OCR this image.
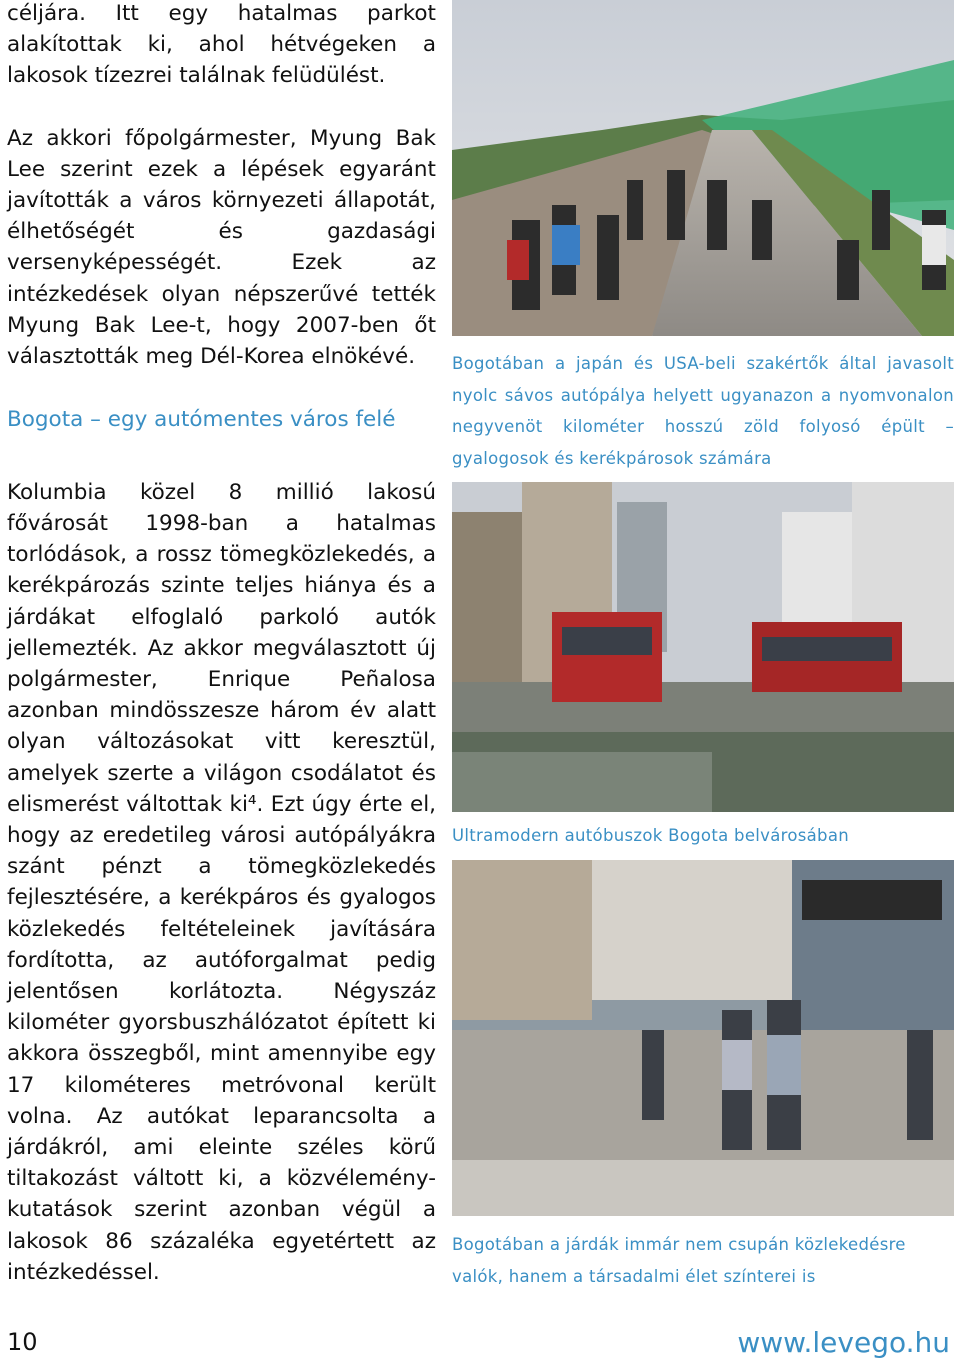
céljára. Itt egy hatalmas parkot alakítottak ki, ahol hétvégeken a lakosok tízezrei találnak felüdülést.

Az akkori főpolgármester, Myung Bak Lee szerint ezek a lépések egyaránt javították a város környezeti állapotát, élhetőségét és gazdasági versenyképességét. Ezek az intézkedések olyan népszerűvé tették Myung Bak Lee-t, hogy 2007-ben őt választották meg Dél-Korea elnökévé.

Bogota – egy autómentes város felé

Kolumbia közel 8 millió lakosú fővárosát 1998-ban a hatalmas torlódások, a rossz tömegközlekedés, a kerékpározás szinte teljes hiánya és a járdákat elfoglaló parkoló autók jellemezték. Az akkor megválasztott új polgármester, Enrique Peñalosa azonban mindösszesze három év alatt olyan változásokat vitt keresztül, amelyek szerte a világon csodálatot és elismerést váltottak ki⁴. Ezt úgy érte el, hogy az eredetileg városi autópályákra szánt pénzt a tömegközlekedés fejlesztésére, a kerékpáros és gyalogos közlekedés feltételeinek javítására fordította, az autóforgalmat pedig jelentősen korlátozta. Négyszáz kilométer gyorsbuszhálózatot épített ki akkora összegből, mint amennyibe egy 17 kilométeres metróvonal került volna. Az autókat leparancsolta a járdákról, ami eleinte széles körű tiltakozást váltott ki, a közvélemény-kutatások szerint azonban végül a lakosok 86 százaléka egyetértett az intézkedéssel.

Bogotában a japán és USA-beli szakértők által javasolt nyolc sávos autópálya helyett ugyanazon a nyomvonalon negyvenöt kilométer hosszú zöld folyosó épült – gyalogosok és kerékpárosok számára

Ultramodern autóbuszok Bogota belvárosában

Bogotában a járdák immár nem csupán közlekedésre valók, hanem a társadalmi élet színterei is

10	www.levego.hu
